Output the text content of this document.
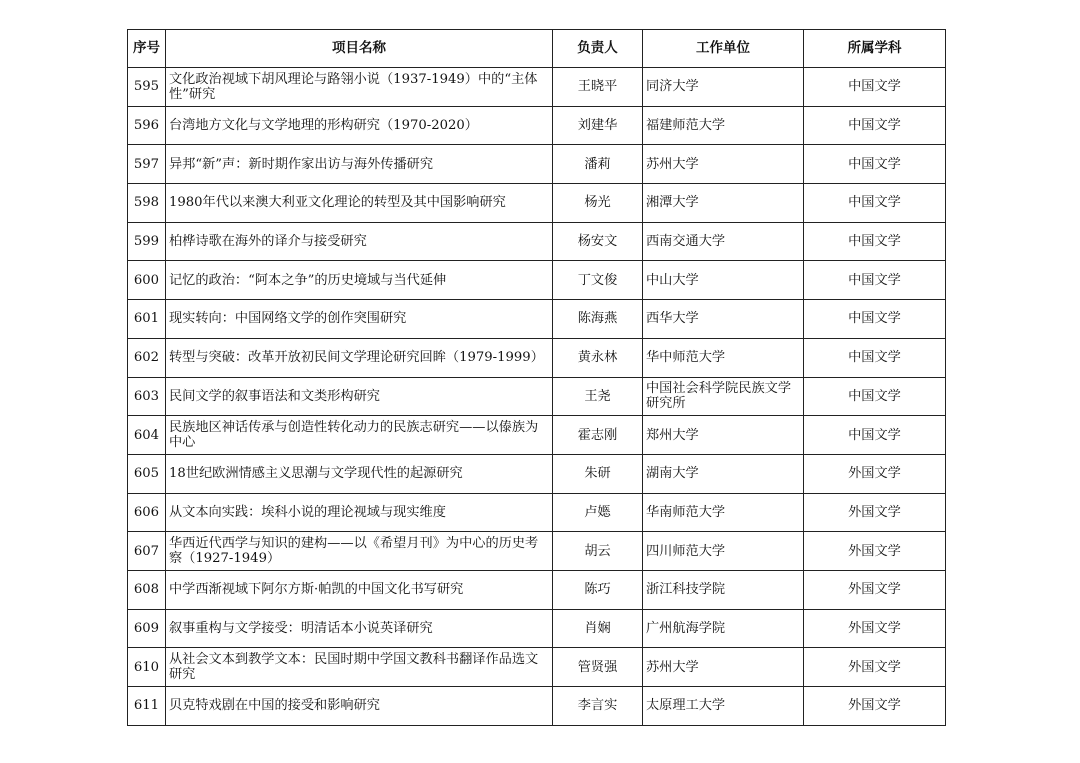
序号	项目名称	负责人	工作单位	所属学科
595	文化政治视域下胡风理论与路翎小说（1937-1949）中的“主体性”研究	王晓平	同济大学	中国文学
596	台湾地方文化与文学地理的形构研究（1970-2020）	刘建华	福建师范大学	中国文学
597	异邦“新”声：新时期作家出访与海外传播研究	潘莉	苏州大学	中国文学
598	1980年代以来澳大利亚文化理论的转型及其中国影响研究	杨光	湘潭大学	中国文学
599	柏桦诗歌在海外的译介与接受研究	杨安文	西南交通大学	中国文学
600	记忆的政治：“阿本之争”的历史境域与当代延伸	丁文俊	中山大学	中国文学
601	现实转向：中国网络文学的创作突围研究	陈海燕	西华大学	中国文学
602	转型与突破：改革开放初民间文学理论研究回眸（1979-1999）	黄永林	华中师范大学	中国文学
603	民间文学的叙事语法和文类形构研究	王尧	中国社会科学院民族文学研究所	中国文学
604	民族地区神话传承与创造性转化动力的民族志研究——以傣族为中心	霍志刚	郑州大学	中国文学
605	18世纪欧洲情感主义思潮与文学现代性的起源研究	朱研	湖南大学	外国文学
606	从文本向实践：埃科小说的理论视域与现实维度	卢嫕	华南师范大学	外国文学
607	华西近代西学与知识的建构——以《希望月刊》为中心的历史考察（1927-1949）	胡云	四川师范大学	外国文学
608	中学西渐视域下阿尔方斯·帕凯的中国文化书写研究	陈巧	浙江科技学院	外国文学
609	叙事重构与文学接受：明清话本小说英译研究	肖娴	广州航海学院	外国文学
610	从社会文本到教学文本：民国时期中学国文教科书翻译作品选文研究	管贤强	苏州大学	外国文学
611	贝克特戏剧在中国的接受和影响研究	李言实	太原理工大学	外国文学
